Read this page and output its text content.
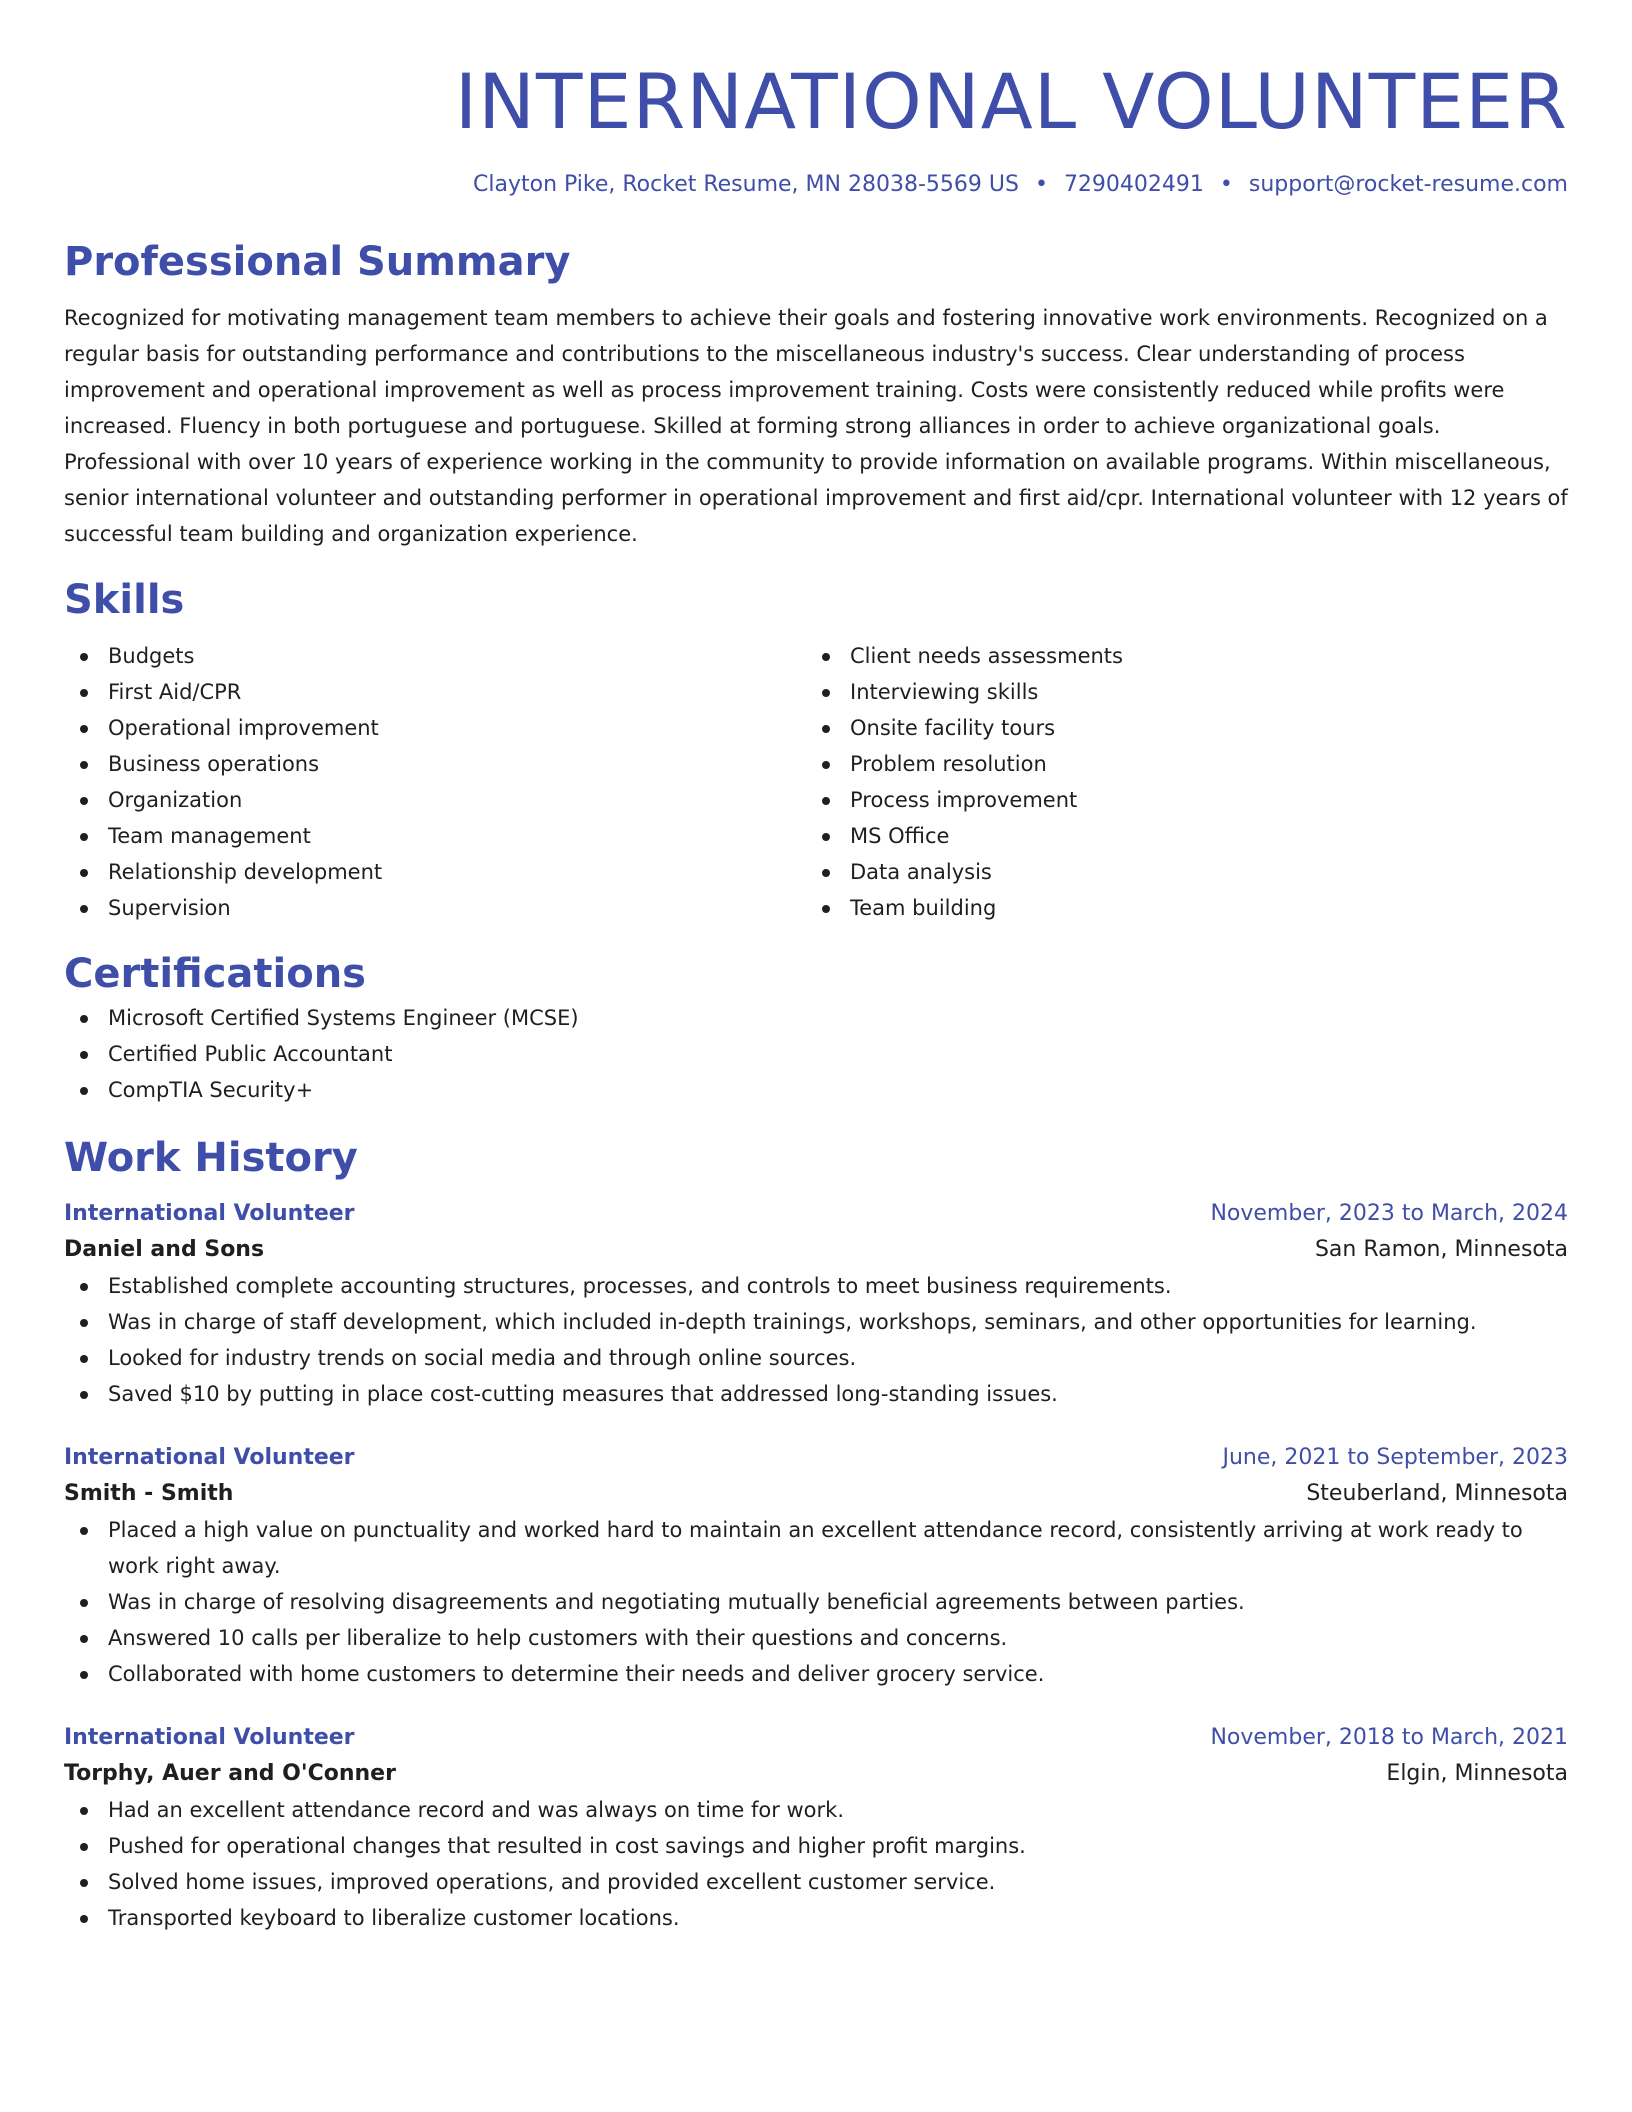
INTERNATIONAL VOLUNTEER
Clayton Pike, Rocket Resume, MN 28038-5569 US • 7290402491 • support@rocket-resume.com
Professional Summary
Recognized for motivating management team members to achieve their goals and fostering innovative work environments. Recognized on a regular basis for outstanding performance and contributions to the miscellaneous industry's success. Clear understanding of process improvement and operational improvement as well as process improvement training. Costs were consistently reduced while profits were increased. Fluency in both portuguese and portuguese. Skilled at forming strong alliances in order to achieve organizational goals. Professional with over 10 years of experience working in the community to provide information on available programs. Within miscellaneous, senior international volunteer and outstanding performer in operational improvement and first aid/cpr. International volunteer with 12 years of successful team building and organization experience.
Skills
Budgets
First Aid/CPR
Operational improvement
Business operations
Organization
Team management
Relationship development
Supervision
Client needs assessments
Interviewing skills
Onsite facility tours
Problem resolution
Process improvement
MS Office
Data analysis
Team building
Certifications
Microsoft Certified Systems Engineer (MCSE)
Certified Public Accountant
CompTIA Security+
Work History
International Volunteer	November, 2023 to March, 2024
Daniel and Sons	San Ramon, Minnesota
Established complete accounting structures, processes, and controls to meet business requirements.
Was in charge of staff development, which included in-depth trainings, workshops, seminars, and other opportunities for learning.
Looked for industry trends on social media and through online sources.
Saved $10 by putting in place cost-cutting measures that addressed long-standing issues.
International Volunteer	June, 2021 to September, 2023
Smith - Smith	Steuberland, Minnesota
Placed a high value on punctuality and worked hard to maintain an excellent attendance record, consistently arriving at work ready to work right away.
Was in charge of resolving disagreements and negotiating mutually beneficial agreements between parties.
Answered 10 calls per liberalize to help customers with their questions and concerns.
Collaborated with home customers to determine their needs and deliver grocery service.
International Volunteer	November, 2018 to March, 2021
Torphy, Auer and O'Conner	Elgin, Minnesota
Had an excellent attendance record and was always on time for work.
Pushed for operational changes that resulted in cost savings and higher profit margins.
Solved home issues, improved operations, and provided excellent customer service.
Transported keyboard to liberalize customer locations.
